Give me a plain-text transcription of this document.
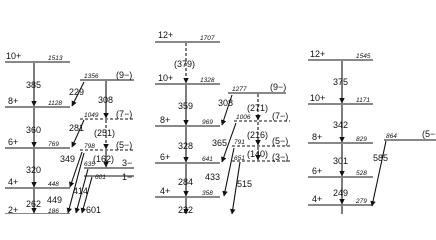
10+	1513
8+	1128
6+	769
4+	448
2+	186
385
360
320
262
1356 (9−)
1049 (7−)
798 (5−)
635	3−
601 1−
308
(251)
(162)
229
281
349
449
414
601
12+	1707
10+	1328
8+	969
6+	641
4+	358
(379)
359
328
284
222
1277	(9−)
1006 (7−)
791	(5−)
651	(3−)
(271)
(216)
(140)
308
365
433
515
12+	1545
10+	1171
8+	829
6+	528
4+	279
375
342
301
249
864	(5−
585
